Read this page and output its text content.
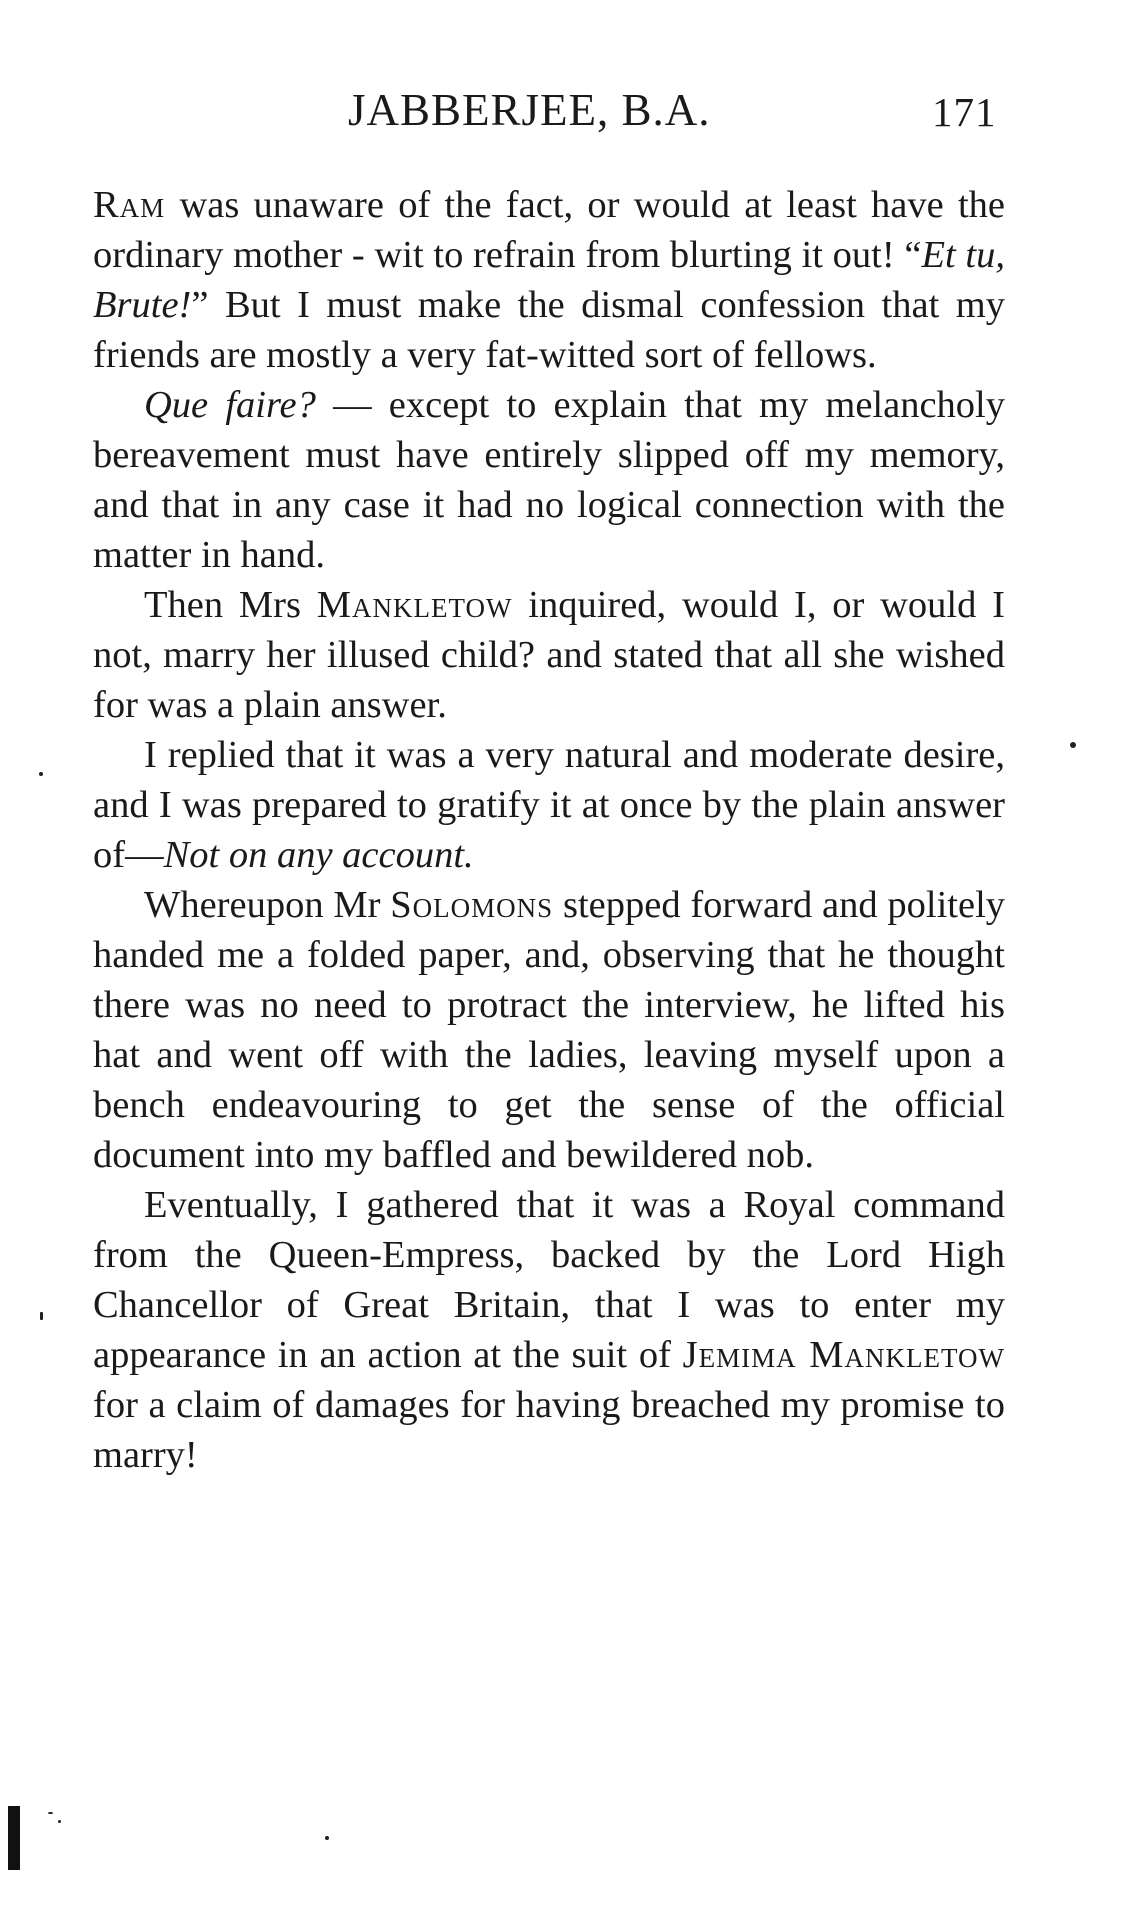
JABBERJEE, B.A.	171

Ram was unaware of the fact, or would at least have the ordinary mother - wit to refrain from blurting it out! “Et tu, Brute!” But I must make the dismal confession that my friends are mostly a very fat-witted sort of fellows.

Que faire? — except to explain that my melancholy bereavement must have entirely slipped off my memory, and that in any case it had no logical connection with the matter in hand.

Then Mrs Mankletow inquired, would I, or would I not, marry her illused child? and stated that all she wished for was a plain answer.

I replied that it was a very natural and moderate desire, and I was prepared to gratify it at once by the plain answer of—Not on any account.

Whereupon Mr Solomons stepped forward and politely handed me a folded paper, and, observing that he thought there was no need to protract the interview, he lifted his hat and went off with the ladies, leaving myself upon a bench endeavouring to get the sense of the official document into my baffled and bewildered nob.

Eventually, I gathered that it was a Royal command from the Queen-Empress, backed by the Lord High Chancellor of Great Britain, that I was to enter my appearance in an action at the suit of Jemima Mankletow for a claim of damages for having breached my promise to marry!
